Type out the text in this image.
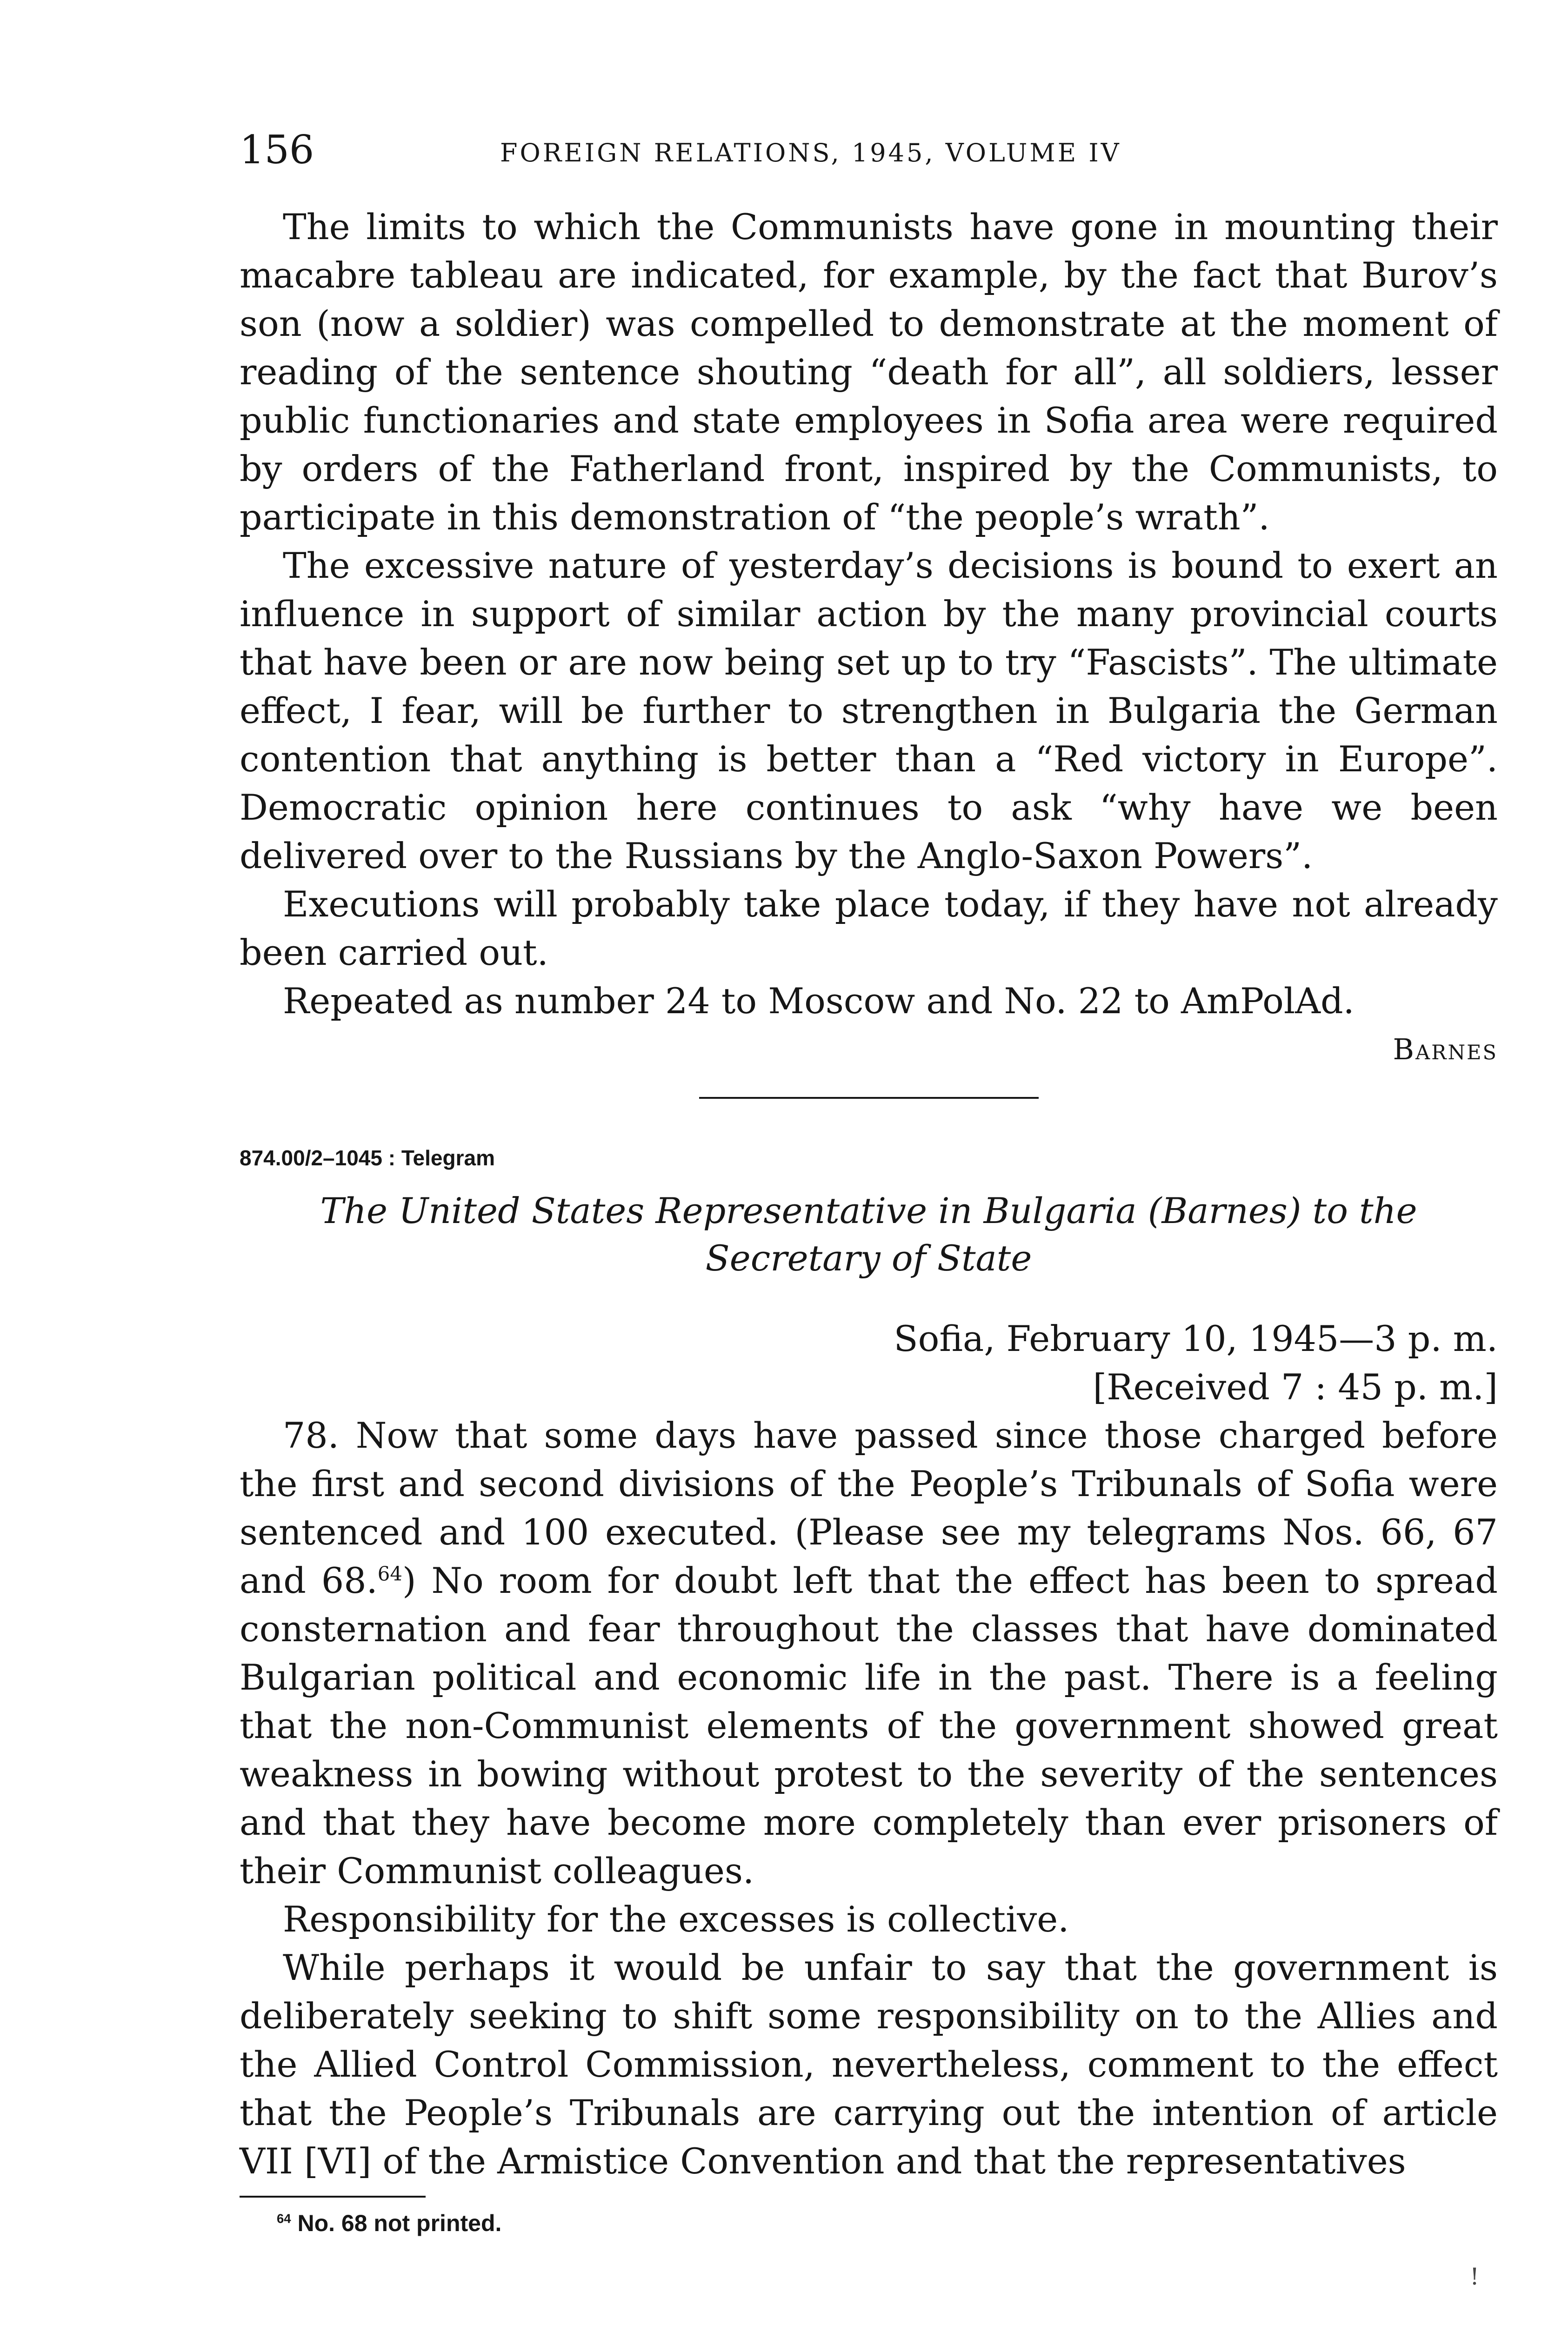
156	FOREIGN RELATIONS, 1945, VOLUME IV

The limits to which the Communists have gone in mounting their macabre tableau are indicated, for example, by the fact that Burov’s son (now a soldier) was compelled to demonstrate at the moment of reading of the sentence shouting “death for all”, all soldiers, lesser public functionaries and state employees in Sofia area were required by orders of the Fatherland front, inspired by the Communists, to participate in this demonstration of “the people’s wrath”.

The excessive nature of yesterday’s decisions is bound to exert an influence in support of similar action by the many provincial courts that have been or are now being set up to try “Fascists”. The ultimate effect, I fear, will be further to strengthen in Bulgaria the German contention that anything is better than a “Red victory in Europe”. Democratic opinion here continues to ask “why have we been delivered over to the Russians by the Anglo-Saxon Powers”.

Executions will probably take place today, if they have not already been carried out.

Repeated as number 24 to Moscow and No. 22 to AmPolAd.

Barnes
874.00/2–1045 : Telegram
The United States Representative in Bulgaria (Barnes) to the Secretary of State
Sofia, February 10, 1945—3 p. m.
[Received 7 : 45 p. m.]

78. Now that some days have passed since those charged before the first and second divisions of the People’s Tribunals of Sofia were sentenced and 100 executed. (Please see my telegrams Nos. 66, 67 and 68.64) No room for doubt left that the effect has been to spread consternation and fear throughout the classes that have dominated Bulgarian political and economic life in the past. There is a feeling that the non-Communist elements of the government showed great weakness in bowing without protest to the severity of the sentences and that they have become more completely than ever prisoners of their Communist colleagues.

Responsibility for the excesses is collective.

While perhaps it would be unfair to say that the government is deliberately seeking to shift some responsibility on to the Allies and the Allied Control Commission, nevertheless, comment to the effect that the People’s Tribunals are carrying out the intention of article VII [VI] of the Armistice Convention and that the representatives

$^{64}$ No. 68 not printed.
!
